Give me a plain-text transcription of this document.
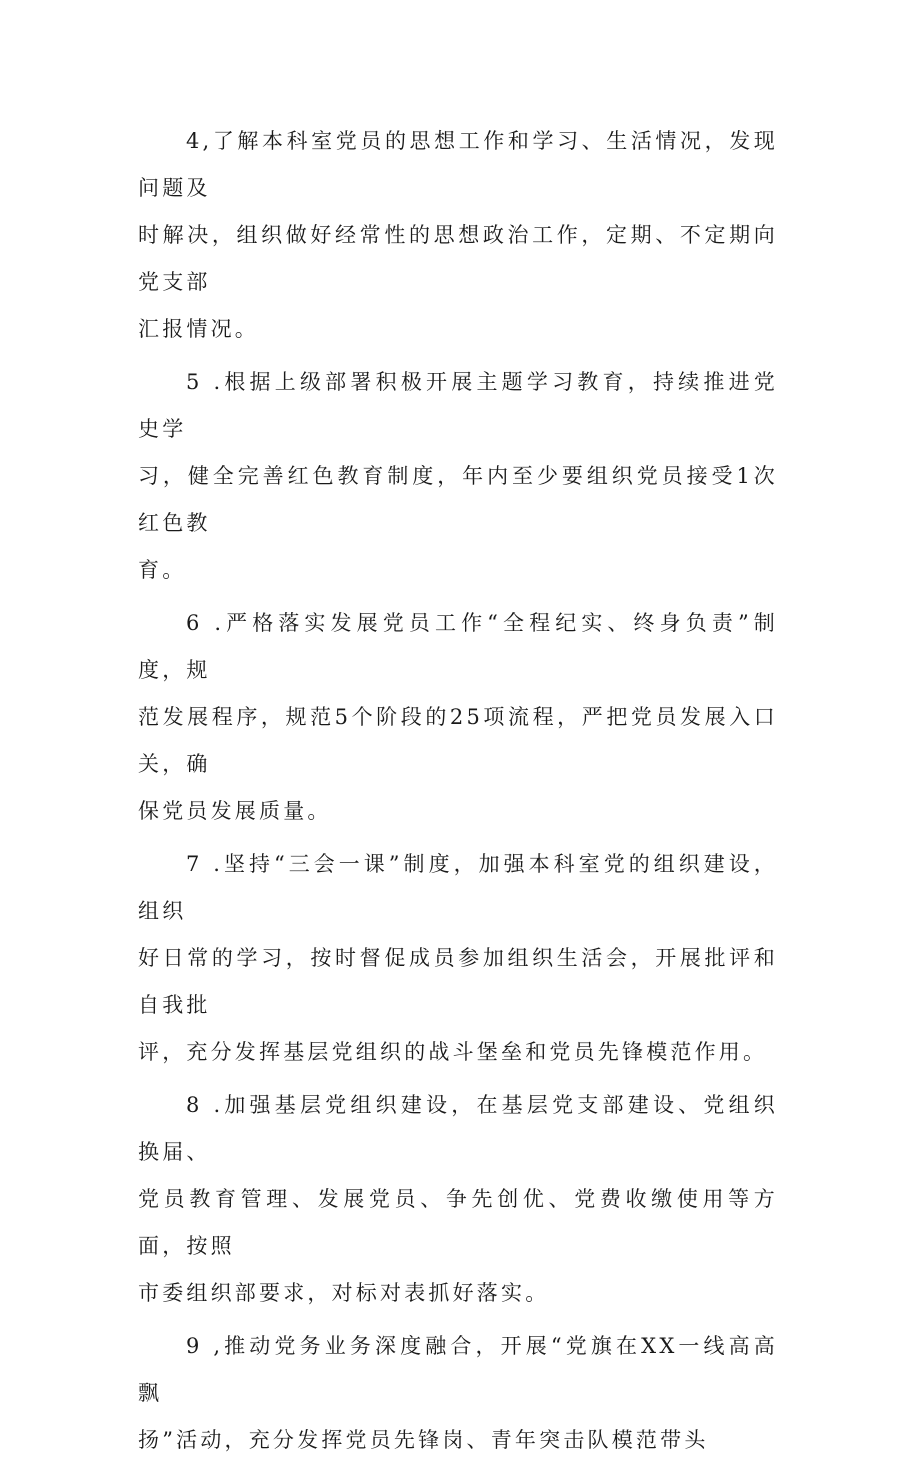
4,了解本科室党员的思想工作和学习、生活情况，发现问题及
时解决，组织做好经常性的思想政治工作，定期、不定期向党支部
汇报情况。

5 .根据上级部署积极开展主题学习教育，持续推进党史学
习，健全完善红色教育制度，年内至少要组织党员接受1次红色教
育。

6 .严格落实发展党员工作“全程纪实、终身负责”制度，规
范发展程序，规范5个阶段的25项流程，严把党员发展入口关，确
保党员发展质量。

7 .坚持“三会一课”制度，加强本科室党的组织建设，组织
好日常的学习，按时督促成员参加组织生活会，开展批评和自我批
评，充分发挥基层党组织的战斗堡垒和党员先锋模范作用。

8 .加强基层党组织建设，在基层党支部建设、党组织换届、
党员教育管理、发展党员、争先创优、党费收缴使用等方面，按照
市委组织部要求，对标对表抓好落实。

9 ,推动党务业务深度融合，开展“党旗在XX一线高高飘
扬”活动，充分发挥党员先锋岗、青年突击队模范带头
